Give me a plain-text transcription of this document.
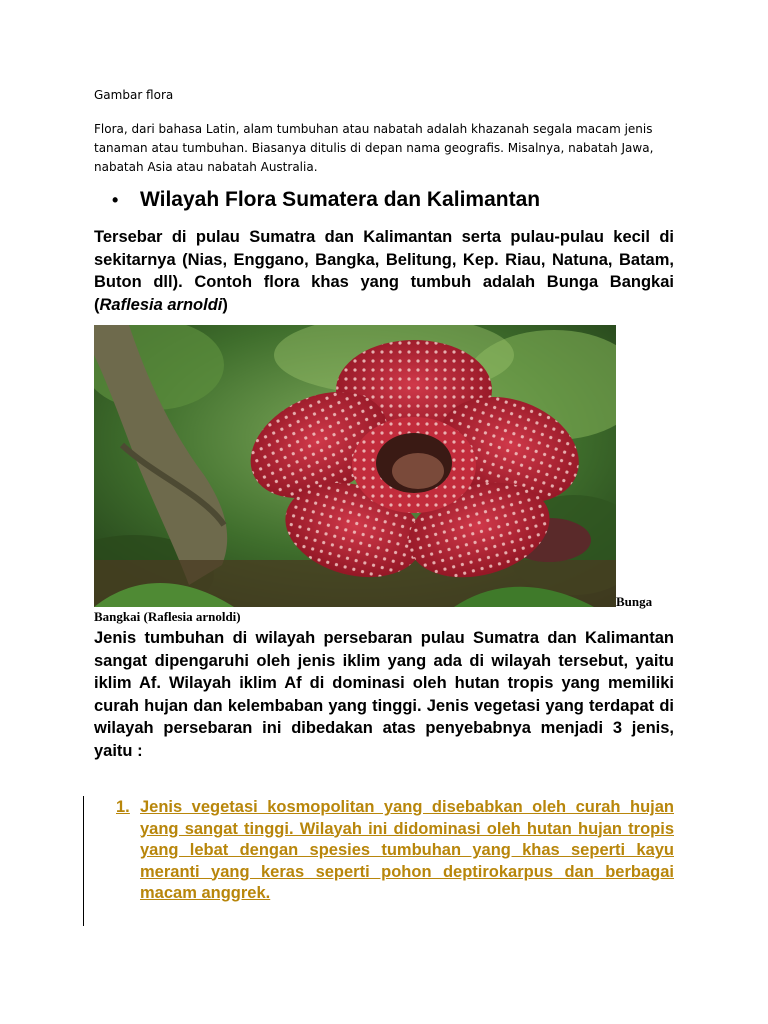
Gambar flora

Flora, dari bahasa Latin, alam tumbuhan atau nabatah adalah khazanah segala macam jenis tanaman atau tumbuhan. Biasanya ditulis di depan nama geografis. Misalnya, nabatah Jawa, nabatah Asia atau nabatah Australia.

•	Wilayah Flora Sumatera dan Kalimantan

Tersebar di pulau Sumatra dan Kalimantan serta pulau-pulau kecil di sekitarnya (Nias, Enggano, Bangka, Belitung, Kep. Riau, Natuna, Batam, Buton dll). Contoh flora khas yang tumbuh adalah Bunga Bangkai (Raflesia arnoldi)

Bunga
Bangkai (Raflesia arnoldi)

Jenis tumbuhan di wilayah persebaran pulau Sumatra dan Kalimantan sangat dipengaruhi oleh jenis iklim yang ada di wilayah tersebut, yaitu iklim Af. Wilayah iklim Af di dominasi oleh hutan tropis yang memiliki curah hujan dan kelembaban yang tinggi. Jenis vegetasi yang terdapat di wilayah persebaran ini dibedakan atas penyebabnya menjadi 3 jenis, yaitu :

1. Jenis vegetasi kosmopolitan yang disebabkan oleh curah hujan yang sangat tinggi. Wilayah ini didominasi oleh hutan hujan tropis yang lebat dengan spesies tumbuhan yang khas seperti kayu meranti yang keras seperti pohon deptirokarpus dan berbagai macam anggrek.
